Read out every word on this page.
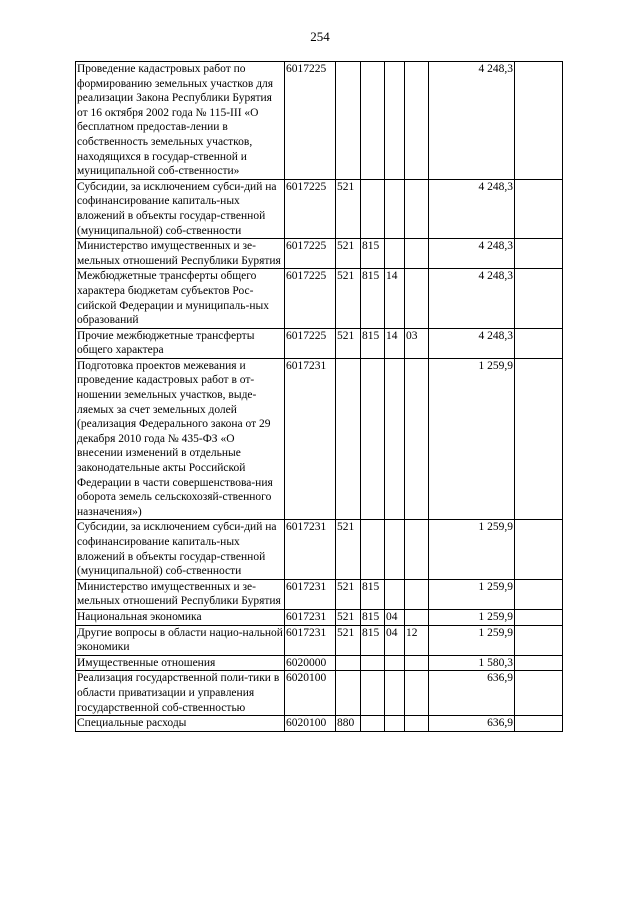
254
Проведение кадастровых работ по формированию земельных участков для реализации Закона Республики Бурятия от 16 октября 2002 года № 115-III «О бесплатном предостав-лении в собственность земельных участков, находящихся в государ-ственной и муниципальной соб-ственности»	6017225					4 248,3	
Субсидии, за исключением субси-дий на софинансирование капиталь-ных вложений в объекты государ-ственной (муниципальной) соб-ственности	6017225	521				4 248,3	
Министерство имущественных и зе-мельных отношений Республики Бурятия	6017225	521	815			4 248,3	
Межбюджетные трансферты общего характера бюджетам субъектов Рос-сийской Федерации и муниципаль-ных образований	6017225	521	815	14		4 248,3	
Прочие межбюджетные трансферты общего характера	6017225	521	815	14	03	4 248,3	
Подготовка проектов межевания и проведение кадастровых работ в от-ношении земельных участков, выде-ляемых за счет земельных долей (реализация Федерального закона от 29 декабря 2010 года № 435-ФЗ «О внесении изменений в отдельные законодательные акты Российской Федерации в части совершенствова-ния оборота земель сельскохозяй-ственного назначения»)	6017231					1 259,9	
Субсидии, за исключением субси-дий на софинансирование капиталь-ных вложений в объекты государ-ственной (муниципальной) соб-ственности	6017231	521				1 259,9	
Министерство имущественных и зе-мельных отношений Республики Бурятия	6017231	521	815			1 259,9	
Национальная экономика	6017231	521	815	04		1 259,9	
Другие вопросы в области нацио-нальной экономики	6017231	521	815	04	12	1 259,9	
Имущественные отношения	6020000					1 580,3	
Реализация государственной поли-тики в области приватизации и управления государственной соб-ственностью	6020100					636,9	
Специальные расходы	6020100	880				636,9	
